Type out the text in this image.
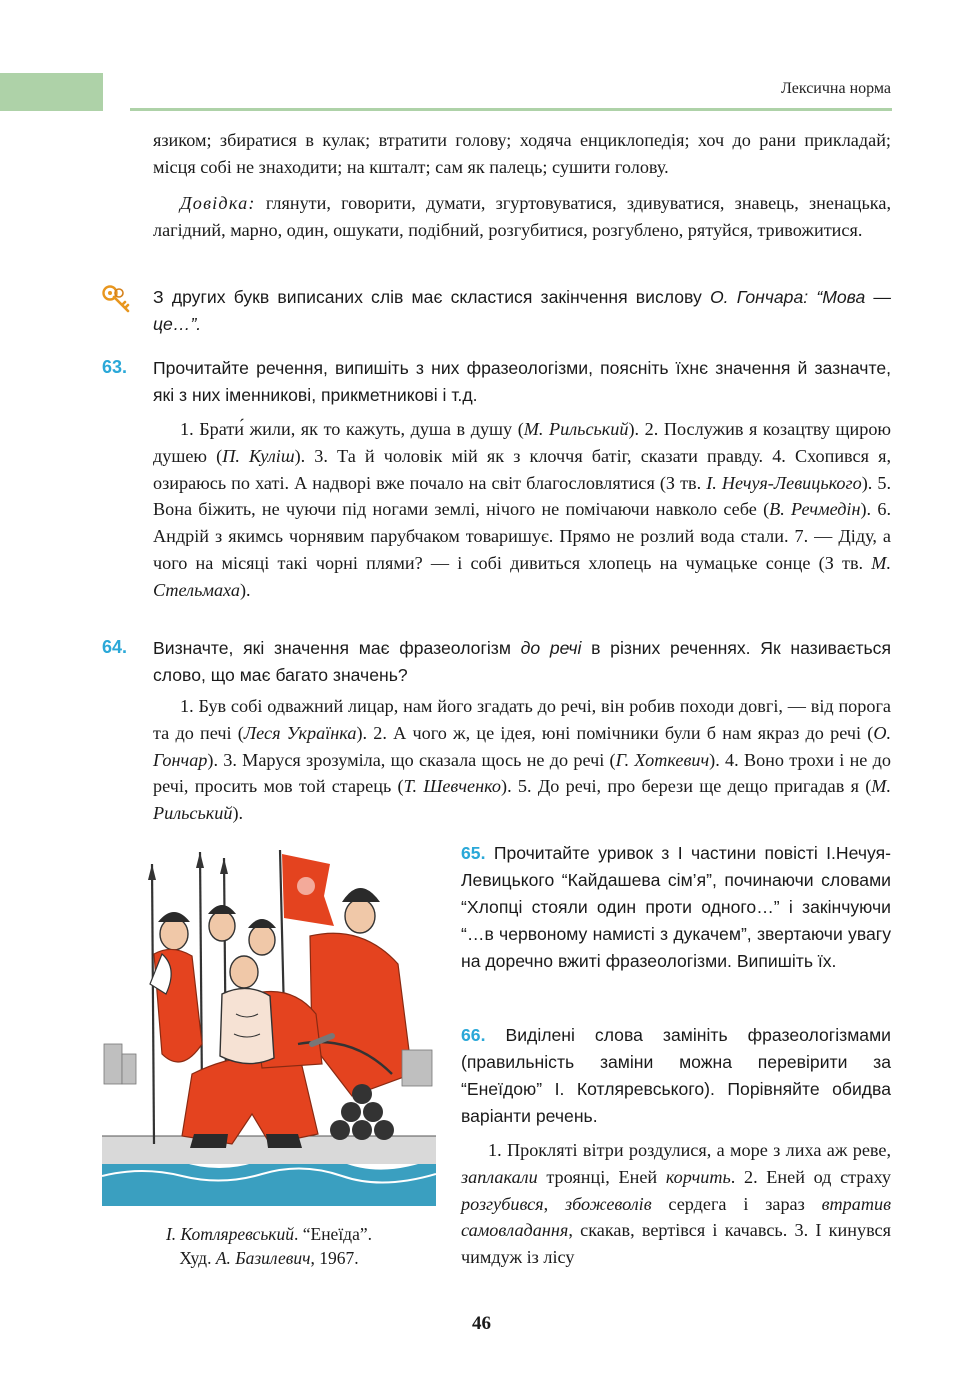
Лексична норма

язиком; збиратися в кулак; втратити голову; ходяча енциклопедія; хоч до рани прикладай; місця собі не знаходити; на кшталт; сам як палець; сушити голову.

Довідка: глянути, говорити, думати, згуртовуватися, здивуватися, знавець, зненацька, лагідний, марно, один, ошукати, подібний, розгубитися, розгублено, рятуйся, тривожитися.

З других букв виписаних слів має скластися закінчення вислову О. Гончара: “Мова — це…”.

63. Прочитайте речення, випишіть з них фразеологізми, поясніть їхнє значення й зазначте, які з них іменникові, прикметникові і т.д.

1. Брати́ жили, як то кажуть, душа в душу (М. Рильський). 2. Послужив я козацтву щирою душею (П. Куліш). 3. Та й чоловік мій як з клоччя батіг, сказати правду. 4. Схопився я, озираюсь по хаті. А надворі вже почало на світ благословлятися (З тв. І. Нечуя-Левицького). 5. Вона біжить, не чуючи під ногами землі, нічого не помічаючи навколо себе (В. Речмедін). 6. Андрій з якимсь чорнявим парубчаком товаришує. Прямо не розлий вода стали. 7. — Діду, а чого на місяці такі чорні плями? — і собі дивиться хлопець на чумацьке сонце (З тв. М. Стельмаха).

64. Визначте, які значення має фразеологізм до речі в різних реченнях. Як називається слово, що має багато значень?

1. Був собі одважний лицар, нам його згадать до речі, він робив походи довгі, — від порога та до печі (Леся Українка). 2. А чого ж, це ідея, юні помічники були б нам якраз до речі (О. Гончар). 3. Маруся зрозуміла, що сказала щось не до речі (Г. Хоткевич). 4. Воно трохи і не до речі, просить мов той старець (Т. Шевченко). 5. До речі, про берези ще дещо пригадав я (М. Рильський).

І. Котляревський. “Енеїда”.
Худ. А. Базилевич, 1967.

65. Прочитайте уривок з І частини повісті І.Нечуя-Левицького “Кайдашева сім’я”, починаючи словами “Хлопці стояли один проти одного…” і закінчуючи “…в червоному намисті з дукачем”, звертаючи увагу на доречно вжиті фразеологізми. Випишіть їх.

66. Виділені слова замініть фразеологізмами (правильність заміни можна перевірити за “Енеїдою” І. Котляревського). Порівняйте обидва варіанти речень.

1. Прокляті вітри роздулися, а море з лиха аж реве, заплакали троянці, Еней корчить. 2. Еней од страху розгубився, збожеволів сердега і зараз втратив самовладання, скакав, вертівся і качавсь. 3. І кинувся чимдуж із лісу

46
